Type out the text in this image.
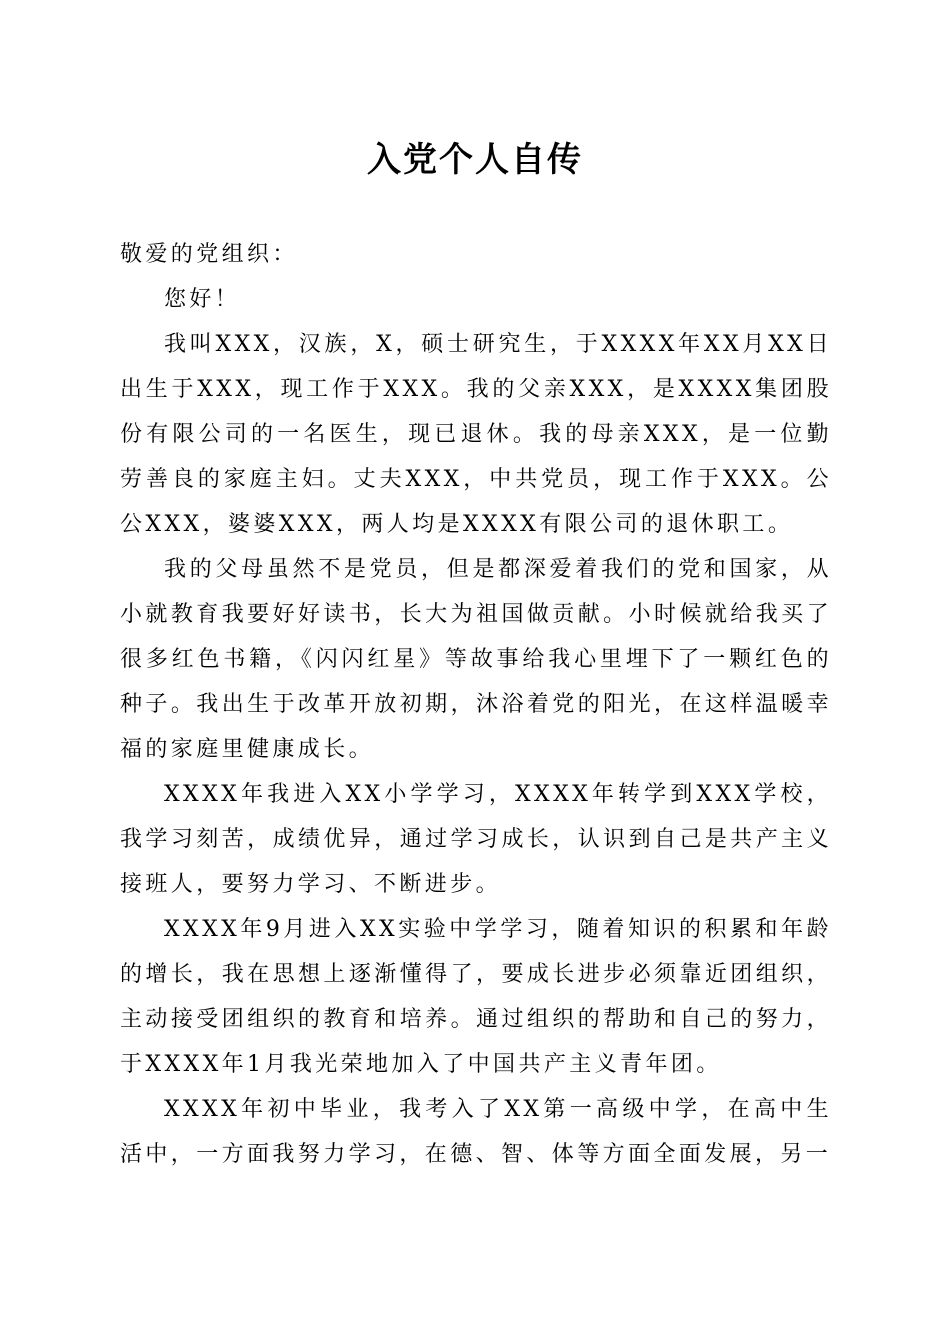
入党个人自传

敬爱的党组织：

您好！

我叫XXX，汉族，X，硕士研究生，于XXXX年XX月XX日出生于XXX，现工作于XXX。我的父亲XXX，是XXXX集团股份有限公司的一名医生，现已退休。我的母亲XXX，是一位勤劳善良的家庭主妇。丈夫XXX，中共党员，现工作于XXX。公公XXX，婆婆XXX，两人均是XXXX有限公司的退休职工。

我的父母虽然不是党员，但是都深爱着我们的党和国家，从小就教育我要好好读书，长大为祖国做贡献。小时候就给我买了很多红色书籍，《闪闪红星》等故事给我心里埋下了一颗红色的种子。我出生于改革开放初期，沐浴着党的阳光，在这样温暖幸福的家庭里健康成长。

XXXX年我进入XX小学学习，XXXX年转学到XXX学校，我学习刻苦，成绩优异，通过学习成长，认识到自己是共产主义接班人，要努力学习、不断进步。

XXXX年9月进入XX实验中学学习，随着知识的积累和年龄的增长，我在思想上逐渐懂得了，要成长进步必须靠近团组织，主动接受团组织的教育和培养。通过组织的帮助和自己的努力，于XXXX年1月我光荣地加入了中国共产主义青年团。

XXXX年初中毕业，我考入了XX第一高级中学，在高中生活中，一方面我努力学习，在德、智、体等方面全面发展，另一
